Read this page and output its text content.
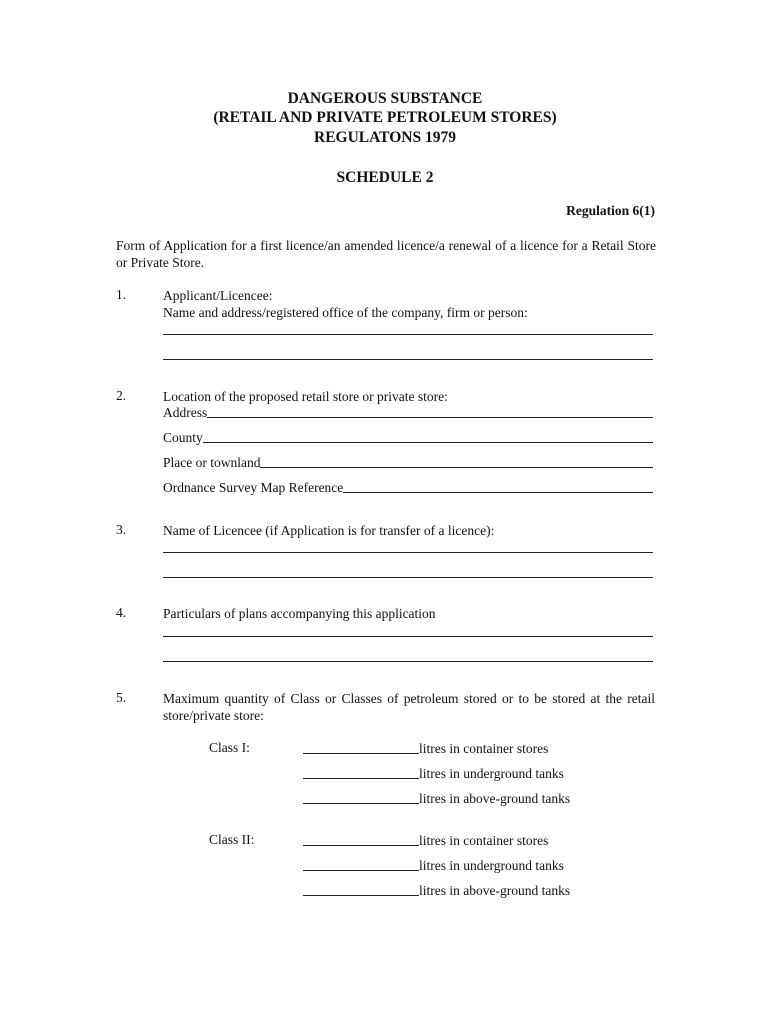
DANGEROUS SUBSTANCE
(RETAIL AND PRIVATE PETROLEUM STORES)
REGULATONS 1979
SCHEDULE 2
Regulation 6(1)
Form of Application for a first licence/an amended licence/a renewal of a licence for a Retail Store or Private Store.
1.	Applicant/Licencee:
Name and address/registered office of the company, firm or person:
2.	Location of the proposed retail store or private store:
Address
County
Place or townland
Ordnance Survey Map Reference
3.	Name of Licencee (if Application is for transfer of a licence):
4.	Particulars of plans accompanying this application
5.	Maximum quantity of Class or Classes of petroleum stored or to be stored at the retail store/private store:
Class I:	litres in container stores
litres in underground tanks
litres in above-ground tanks
Class II:	litres in container stores
litres in underground tanks
litres in above-ground tanks
